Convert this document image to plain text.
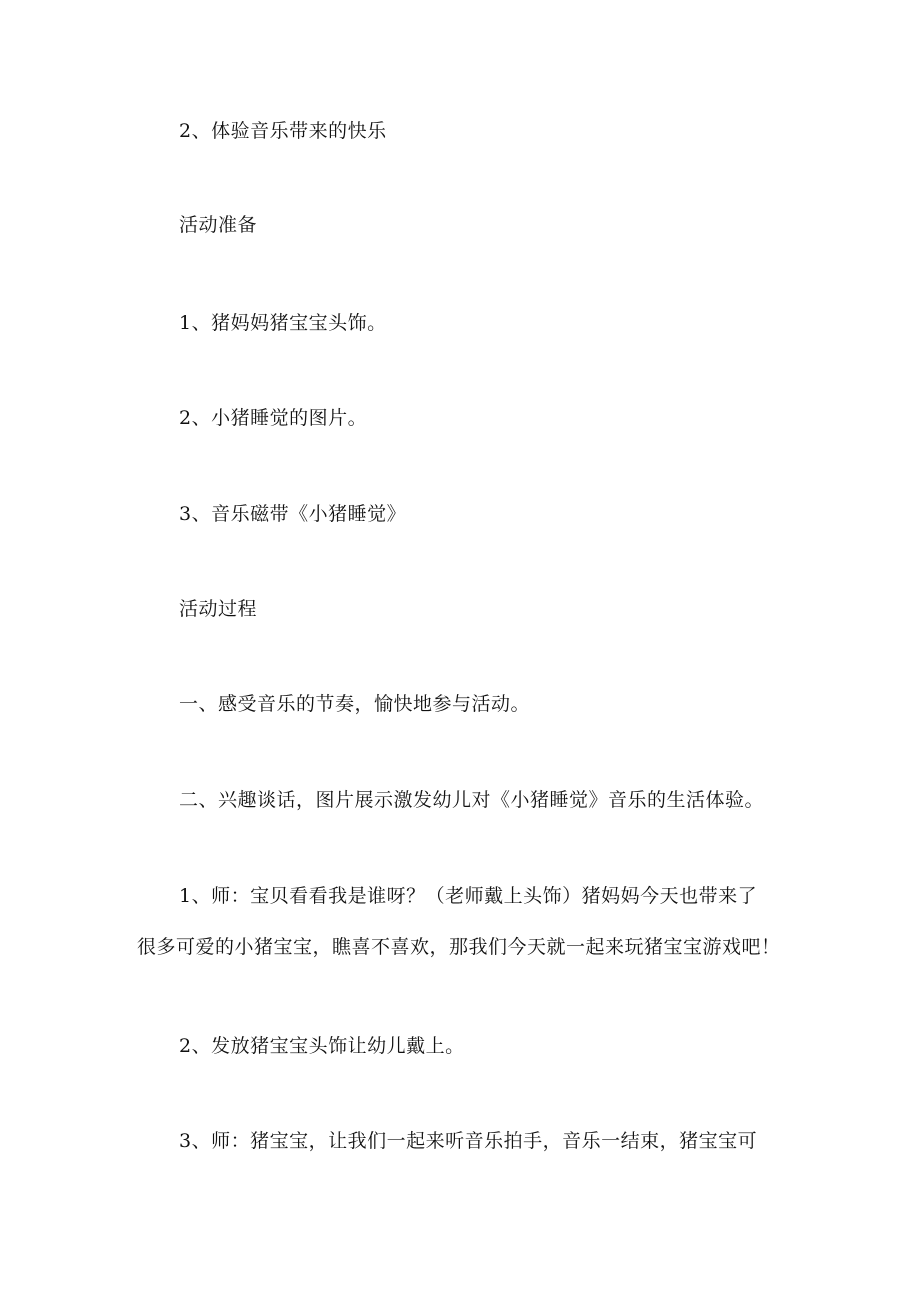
2、体验音乐带来的快乐
活动准备
1、猪妈妈猪宝宝头饰。
2、小猪睡觉的图片。
3、音乐磁带《小猪睡觉》
活动过程
一、感受音乐的节奏，愉快地参与活动。
二、兴趣谈话，图片展示激发幼儿对《小猪睡觉》音乐的生活体验。
1、师：宝贝看看我是谁呀？（老师戴上头饰）猪妈妈今天也带来了
很多可爱的小猪宝宝，瞧喜不喜欢，那我们今天就一起来玩猪宝宝游戏吧！
2、发放猪宝宝头饰让幼儿戴上。
3、师：猪宝宝，让我们一起来听音乐拍手，音乐一结束，猪宝宝可
